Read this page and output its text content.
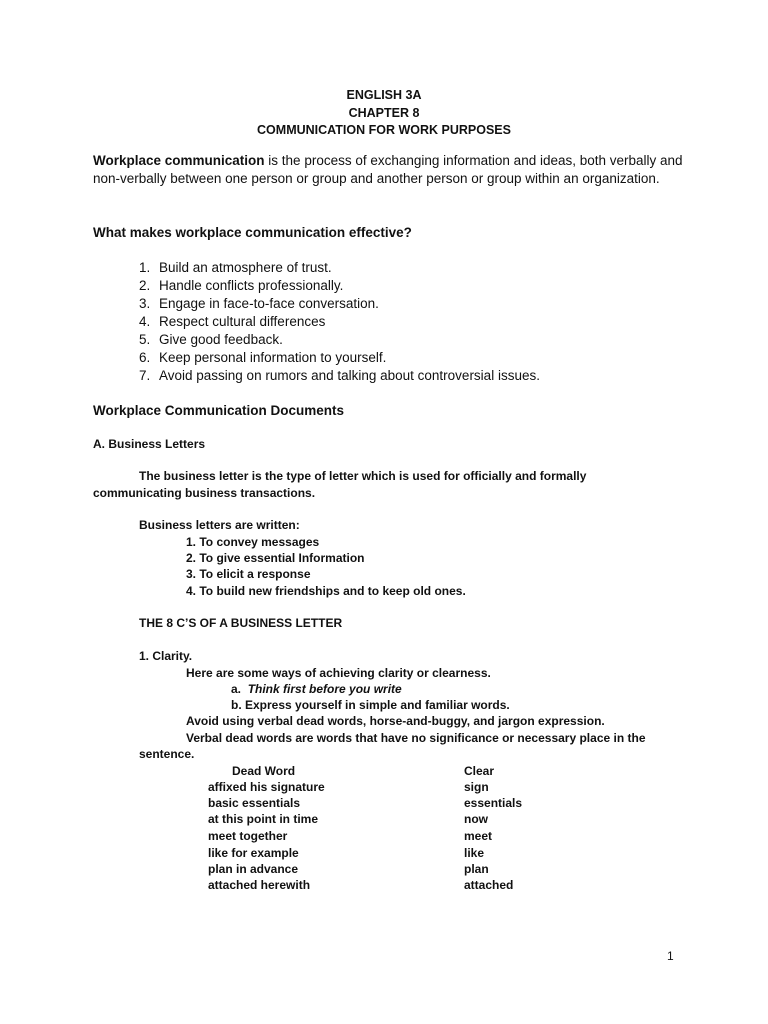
ENGLISH 3A
CHAPTER 8
COMMUNICATION FOR WORK PURPOSES
Workplace communication is the process of exchanging information and ideas, both verbally and non-verbally between one person or group and another person or group within an organization.
What makes workplace communication effective?
1. Build an atmosphere of trust.
2. Handle conflicts professionally.
3. Engage in face-to-face conversation.
4. Respect cultural differences
5. Give good feedback.
6. Keep personal information to yourself.
7. Avoid passing on rumors and talking about controversial issues.
Workplace Communication Documents
A. Business Letters
The business letter is the type of letter which is used for officially and formally
communicating business transactions.
Business letters are written:
1. To convey messages
2. To give essential Information
3. To elicit a response
4. To build new friendships and to keep old ones.
THE 8 C’S OF A BUSINESS LETTER
1. Clarity.
Here are some ways of achieving clarity or clearness.
a. Think first before you write
b. Express yourself in simple and familiar words.
Avoid using verbal dead words, horse-and-buggy, and jargon expression.
Verbal dead words are words that have no significance or necessary place in the
sentence.
Dead Word	Clear
affixed his signature	sign
basic essentials	essentials
at this point in time	now
meet together	meet
like for example	like
plan in advance	plan
attached herewith	attached
1
